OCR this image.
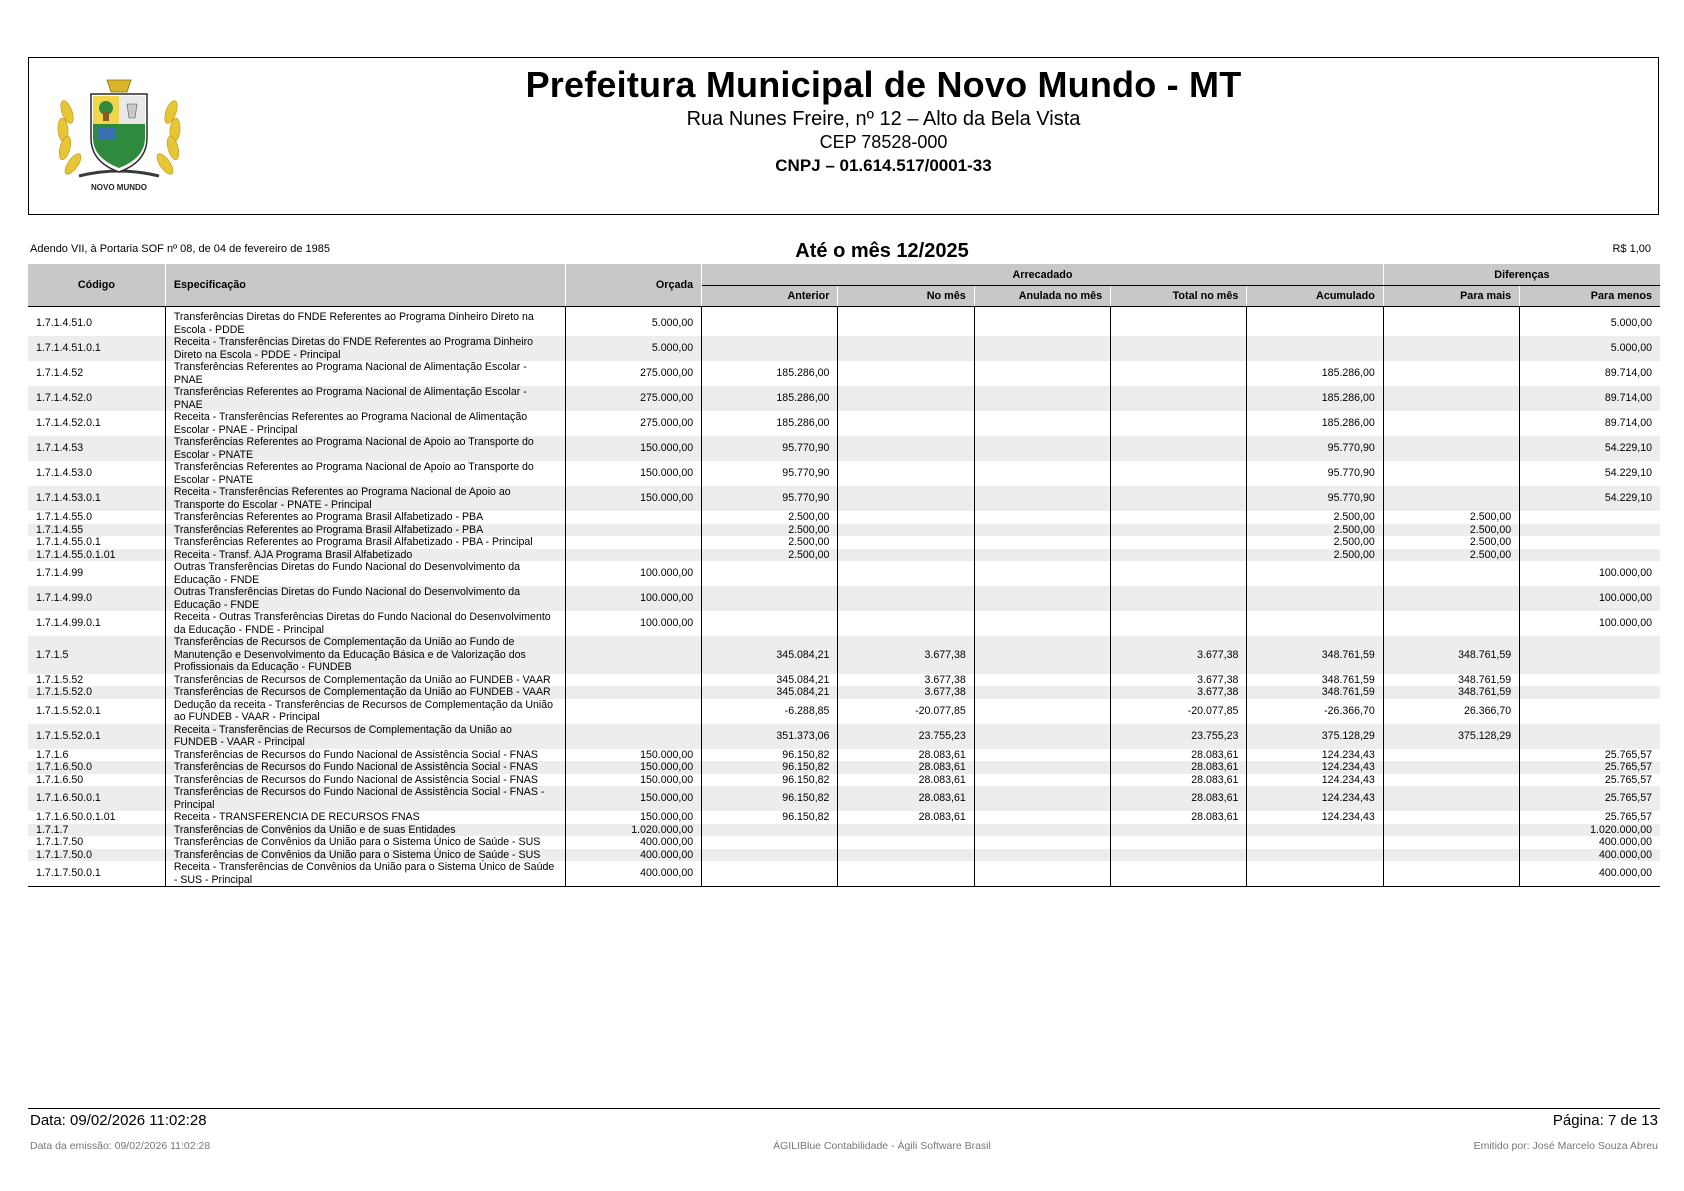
NOVO MUNDO
Prefeitura Municipal de Novo Mundo - MT
Rua Nunes Freire, nº 12 – Alto da Bela Vista
CEP 78528-000
CNPJ – 01.614.517/0001-33
Adendo VII, à Portaria SOF nº 08, de 04 de fevereiro de 1985	Até o mês 12/2025	R$ 1,00
Código	Especificação	Orçada	Arrecadado					Diferenças	
			Anterior	No mês	Anulada no mês	Total no mês	Acumulado	Para mais	Para menos
1.7.1.4.51.0	Transferências Diretas do FNDE Referentes ao Programa Dinheiro Direto na Escola - PDDE	5.000,00							5.000,00
1.7.1.4.51.0.1	Receita - Transferências Diretas do FNDE Referentes ao Programa Dinheiro Direto na Escola - PDDE - Principal	5.000,00							5.000,00
1.7.1.4.52	Transferências Referentes ao Programa Nacional de Alimentação Escolar - PNAE	275.000,00	185.286,00				185.286,00		89.714,00
1.7.1.4.52.0	Transferências Referentes ao Programa Nacional de Alimentação Escolar - PNAE	275.000,00	185.286,00				185.286,00		89.714,00
1.7.1.4.52.0.1	Receita - Transferências Referentes ao Programa Nacional de Alimentação Escolar - PNAE - Principal	275.000,00	185.286,00				185.286,00		89.714,00
1.7.1.4.53	Transferências Referentes ao Programa Nacional de Apoio ao Transporte do Escolar - PNATE	150.000,00	95.770,90				95.770,90		54.229,10
1.7.1.4.53.0	Transferências Referentes ao Programa Nacional de Apoio ao Transporte do Escolar - PNATE	150.000,00	95.770,90				95.770,90		54.229,10
1.7.1.4.53.0.1	Receita - Transferências Referentes ao Programa Nacional de Apoio ao Transporte do Escolar - PNATE - Principal	150.000,00	95.770,90				95.770,90		54.229,10
1.7.1.4.55.0	Transferências Referentes ao Programa Brasil Alfabetizado - PBA		2.500,00				2.500,00	2.500,00	
1.7.1.4.55	Transferências Referentes ao Programa Brasil Alfabetizado - PBA		2.500,00				2.500,00	2.500,00	
1.7.1.4.55.0.1	Transferências Referentes ao Programa Brasil Alfabetizado - PBA - Principal		2.500,00				2.500,00	2.500,00	
1.7.1.4.55.0.1.01	Receita - Transf. AJA Programa Brasil Alfabetizado		2.500,00				2.500,00	2.500,00	
1.7.1.4.99	Outras Transferências Diretas do Fundo Nacional do Desenvolvimento da Educação - FNDE	100.000,00							100.000,00
1.7.1.4.99.0	Outras Transferências Diretas do Fundo Nacional do Desenvolvimento da Educação - FNDE	100.000,00							100.000,00
1.7.1.4.99.0.1	Receita - Outras Transferências Diretas do Fundo Nacional do Desenvolvimento da Educação - FNDE - Principal	100.000,00							100.000,00
1.7.1.5	Transferências de Recursos de Complementação da União ao Fundo de Manutenção e Desenvolvimento da Educação Básica e de Valorização dos Profissionais da Educação - FUNDEB		345.084,21	3.677,38		3.677,38	348.761,59	348.761,59	
1.7.1.5.52	Transferências de Recursos de Complementação da União ao FUNDEB - VAAR		345.084,21	3.677,38		3.677,38	348.761,59	348.761,59	
1.7.1.5.52.0	Transferências de Recursos de Complementação da União ao FUNDEB - VAAR		345.084,21	3.677,38		3.677,38	348.761,59	348.761,59	
1.7.1.5.52.0.1	Dedução da receita - Transferências de Recursos de Complementação da União ao FUNDEB - VAAR - Principal		-6.288,85	-20.077,85		-20.077,85	-26.366,70	26.366,70	
1.7.1.5.52.0.1	Receita - Transferências de Recursos de Complementação da União ao FUNDEB - VAAR - Principal		351.373,06	23.755,23		23.755,23	375.128,29	375.128,29	
1.7.1.6	Transferências de Recursos do Fundo Nacional de Assistência Social - FNAS	150.000,00	96.150,82	28.083,61		28.083,61	124.234,43		25.765,57
1.7.1.6.50.0	Transferências de Recursos do Fundo Nacional de Assistência Social - FNAS	150.000,00	96.150,82	28.083,61		28.083,61	124.234,43		25.765,57
1.7.1.6.50	Transferências de Recursos do Fundo Nacional de Assistência Social - FNAS	150.000,00	96.150,82	28.083,61		28.083,61	124.234,43		25.765,57
1.7.1.6.50.0.1	Transferências de Recursos do Fundo Nacional de Assistência Social - FNAS - Principal	150.000,00	96.150,82	28.083,61		28.083,61	124.234,43		25.765,57
1.7.1.6.50.0.1.01	Receita - TRANSFERENCIA DE RECURSOS FNAS	150.000,00	96.150,82	28.083,61		28.083,61	124.234,43		25.765,57
1.7.1.7	Transferências de Convênios da União e de suas Entidades	1.020.000,00							1.020.000,00
1.7.1.7.50	Transferências de Convênios da União para o Sistema Único de Saúde - SUS	400.000,00							400.000,00
1.7.1.7.50.0	Transferências de Convênios da União para o Sistema Único de Saúde - SUS	400.000,00							400.000,00
1.7.1.7.50.0.1	Receita - Transferências de Convênios da União para o Sistema Único de Saúde - SUS - Principal	400.000,00							400.000,00
Data: 09/02/2026 11:02:28	Página: 7 de 13
Data da emissão: 09/02/2026 11:02:28	ÁGILIBlue Contabilidade - Ágili Software Brasil	Emitido por: José Marcelo Souza Abreu
